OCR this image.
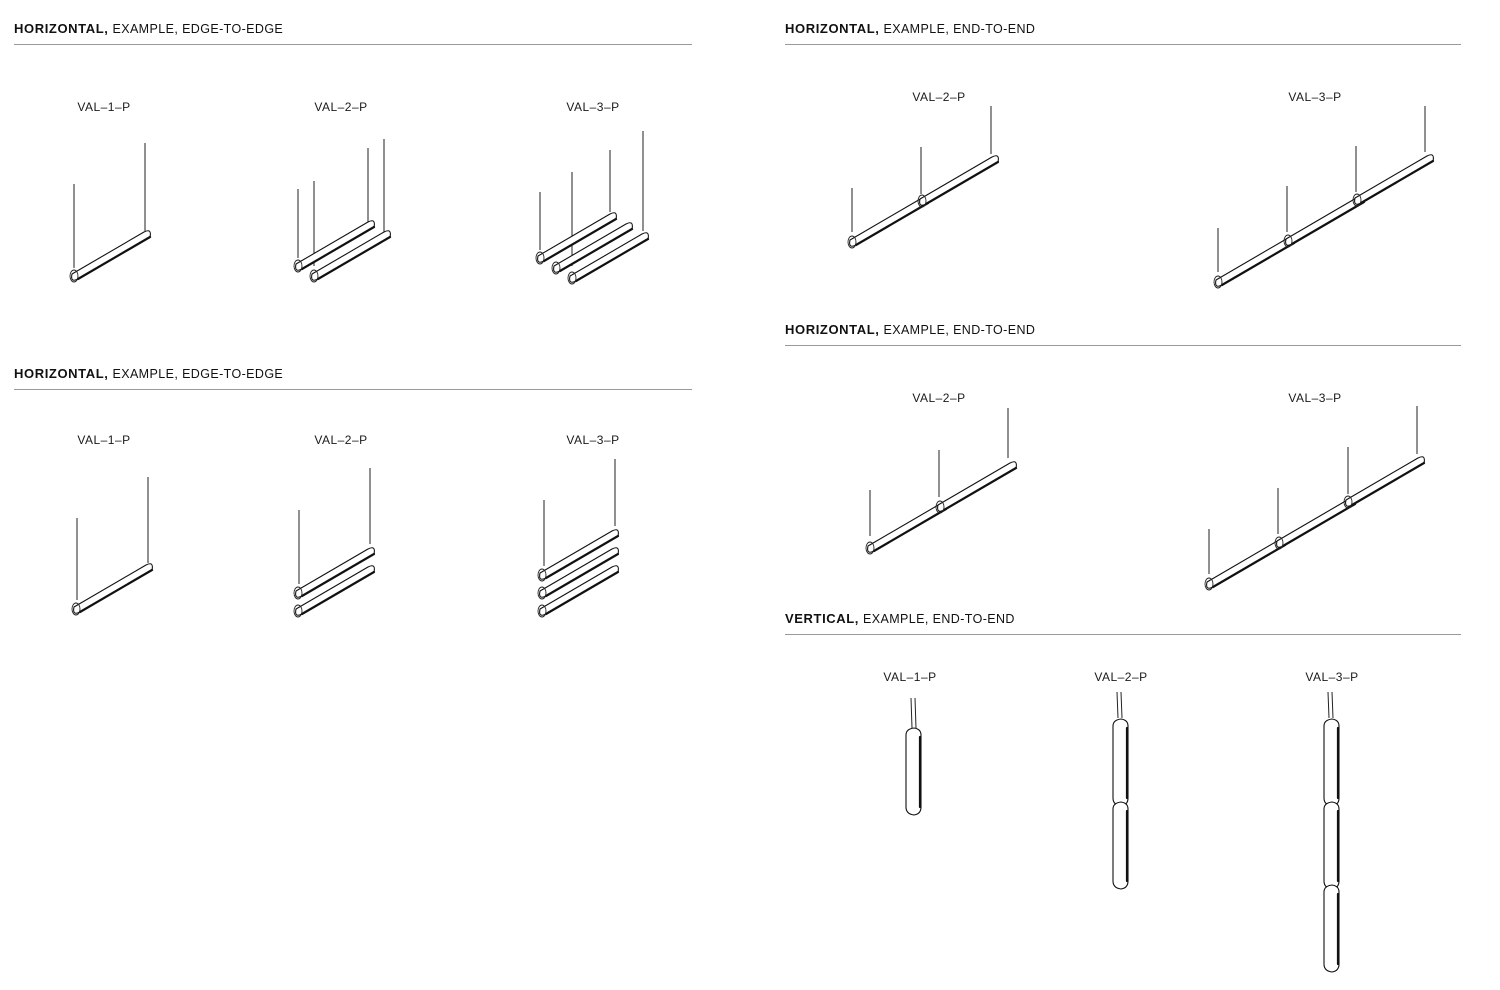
HORIZONTAL, EXAMPLE, EDGE-TO-EDGE
HORIZONTAL, EXAMPLE, EDGE-TO-EDGE
HORIZONTAL, EXAMPLE, END-TO-END
HORIZONTAL, EXAMPLE, END-TO-END
VERTICAL, EXAMPLE, END-TO-END
VAL–1–P	VAL–2–P	VAL–3–P
VAL–1–P	VAL–2–P	VAL–3–P
VAL–2–P	VAL–3–P
VAL–2–P	VAL–3–P
VAL–1–P	VAL–2–P	VAL–3–P
